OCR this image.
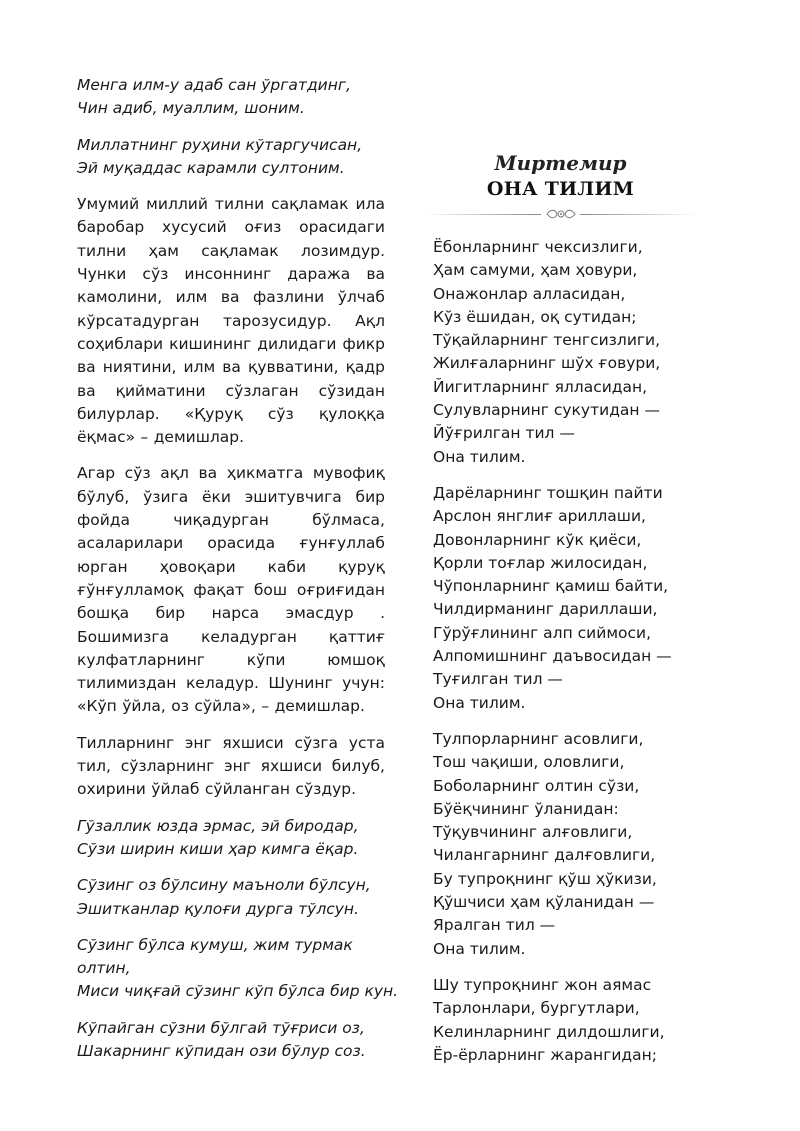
Менга илм-у адаб сан ўргатдинг,
Чин адиб, муаллим, шоним.
Миллатнинг руҳини кўтаргучисан,
Эй муқаддас карамли султоним.

Умумий миллий тилни сақламак ила баробар хусусий оғиз орасидаги тилни ҳам сақламак лозимдур. Чунки сўз инсоннинг даража ва камолини, илм ва фазлини ўлчаб кўрсатадурган тарозусидур. Ақл соҳиблари кишининг дилидаги фикр ва ниятини, илм ва қувватини, қадр ва қийматини сўзлаган сўзидан билурлар. «Қуруқ сўз қулоққа ёқмас» – демишлар.

Агар сўз ақл ва ҳикматга мувофиқ бўлуб, ўзига ёки эшитувчига бир фойда чиқадурган бўлмаса, асаларилари орасида ғунғуллаб юрган ҳовоқари каби қуруқ ғўнғулламоқ фақат бош оғриғидан бошқа бир нарса эмасдур . Бошимизга келадурган қаттиғ кулфатларнинг кўпи юмшоқ тилимиздан келадур. Шунинг учун: «Кўп ўйла, оз сўйла», – демишлар.

Тилларнинг энг яхшиси сўзга уста тил, сўзларнинг энг яхшиси билуб, охирини ўйлаб сўйланган сўздур.

Гўзаллик юзда эрмас, эй биродар,
Сўзи ширин киши ҳар кимга ёқар.
Сўзинг оз бўлсину маъноли бўлсун,
Эшитканлар қулоғи дурга тўлсун.
Сўзинг бўлса кумуш, жим турмак
олтин,
Миси чиқғай сўзинг кўп бўлса бир кун.
Кўпайган сўзни бўлгай тўғриси оз,
Шакарнинг кўпидан ози бўлур соз.
Миртемир
ОНА ТИЛИМ
Ёбонларнинг чексизлиги,
Ҳам самуми, ҳам ҳовури,
Онажонлар алласидан,
Кўз ёшидан, оқ сутидан;
Тўқайларнинг тенгсизлиги,
Жилғаларнинг шўх ғовури,
Йигитларнинг ялласидан,
Сулувларнинг сукутидан —
Йўғрилган тил —
Она тилим.
Дарёларнинг тошқин пайти
Арслон янглиғ ариллаши,
Довонларнинг кўк қиёси,
Қорли тоғлар жилосидан,
Чўпонларнинг қамиш байти,
Чилдирманинг дариллаши,
Гўрўғлининг алп сиймоси,
Алпомишнинг даъвосидан —
Туғилган тил —
Она тилим.
Тулпорларнинг асовлиги,
Тош чақиши, оловлиги,
Боболарнинг олтин сўзи,
Бўёқчининг ўланидан:
Тўқувчининг алғовлиги,
Чилангарнинг далғовлиги,
Бу тупроқнинг қўш ҳўкизи,
Қўшчиси ҳам қўланидан —
Яралган тил —
Она тилим.
Шу тупроқнинг жон аямас
Тарлонлари, бургутлари,
Келинларнинг дилдошлиги,
Ёр-ёрларнинг жарангидан;
